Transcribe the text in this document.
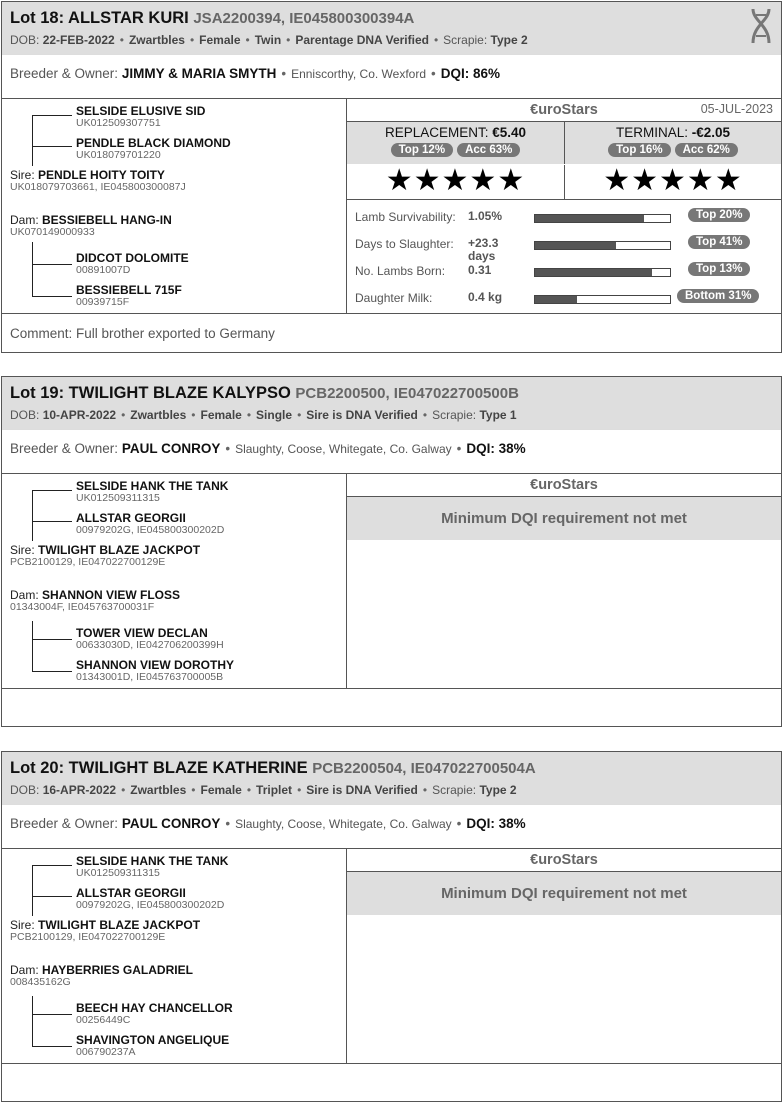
Lot 18: ALLSTAR KURI JSA2200394, IE045800300394A
DOB: 22-FEB-2022 • Zwartbles • Female • Twin • Parentage DNA Verified • Scrapie: Type 2
Breeder & Owner: JIMMY & MARIA SMYTH • Enniscorthy, Co. Wexford • DQI: 86%
SELSIDE ELUSIVE SID
UK012509307751
PENDLE BLACK DIAMOND
UK018079701220
Sire: PENDLE HOITY TOITY
UK018079703661, IE045800300087J
Dam: BESSIEBELL HANG-IN
UK070149000933
DIDCOT DOLOMITE
00891007D
BESSIEBELL 715F
00939715F
€uroStars	05-JUL-2023
REPLACEMENT: €5.40
Top 12% Acc 63%
TERMINAL: -€2.05
Top 16% Acc 62%
★★★★★	★★★★★
Lamb Survivability: 1.05%	Top 20%
Days to Slaughter: +23.3 days
Top 41%
No. Lambs Born: 0.31	Top 13%
Daughter Milk:	0.4 kg	Bottom 31%
Comment: Full brother exported to Germany
Lot 19: TWILIGHT BLAZE KALYPSO PCB2200500, IE047022700500B
DOB: 10-APR-2022 • Zwartbles • Female • Single • Sire is DNA Verified • Scrapie: Type 1
Breeder & Owner: PAUL CONROY • Slaughty, Coose, Whitegate, Co. Galway • DQI: 38%
SELSIDE HANK THE TANK
UK012509311315
ALLSTAR GEORGII
00979202G, IE045800300202D
Sire: TWILIGHT BLAZE JACKPOT
PCB2100129, IE047022700129E
Dam: SHANNON VIEW FLOSS
01343004F, IE045763700031F
TOWER VIEW DECLAN
00633030D, IE042706200399H
SHANNON VIEW DOROTHY
01343001D, IE045763700005B
€uroStars
Minimum DQI requirement not met
Lot 20: TWILIGHT BLAZE KATHERINE PCB2200504, IE047022700504A
DOB: 16-APR-2022 • Zwartbles • Female • Triplet • Sire is DNA Verified • Scrapie: Type 2
Breeder & Owner: PAUL CONROY • Slaughty, Coose, Whitegate, Co. Galway • DQI: 38%
SELSIDE HANK THE TANK
UK012509311315
ALLSTAR GEORGII
00979202G, IE045800300202D
Sire: TWILIGHT BLAZE JACKPOT
PCB2100129, IE047022700129E
Dam: HAYBERRIES GALADRIEL
008435162G
BEECH HAY CHANCELLOR
00256449C
SHAVINGTON ANGELIQUE
006790237A
€uroStars
Minimum DQI requirement not met
